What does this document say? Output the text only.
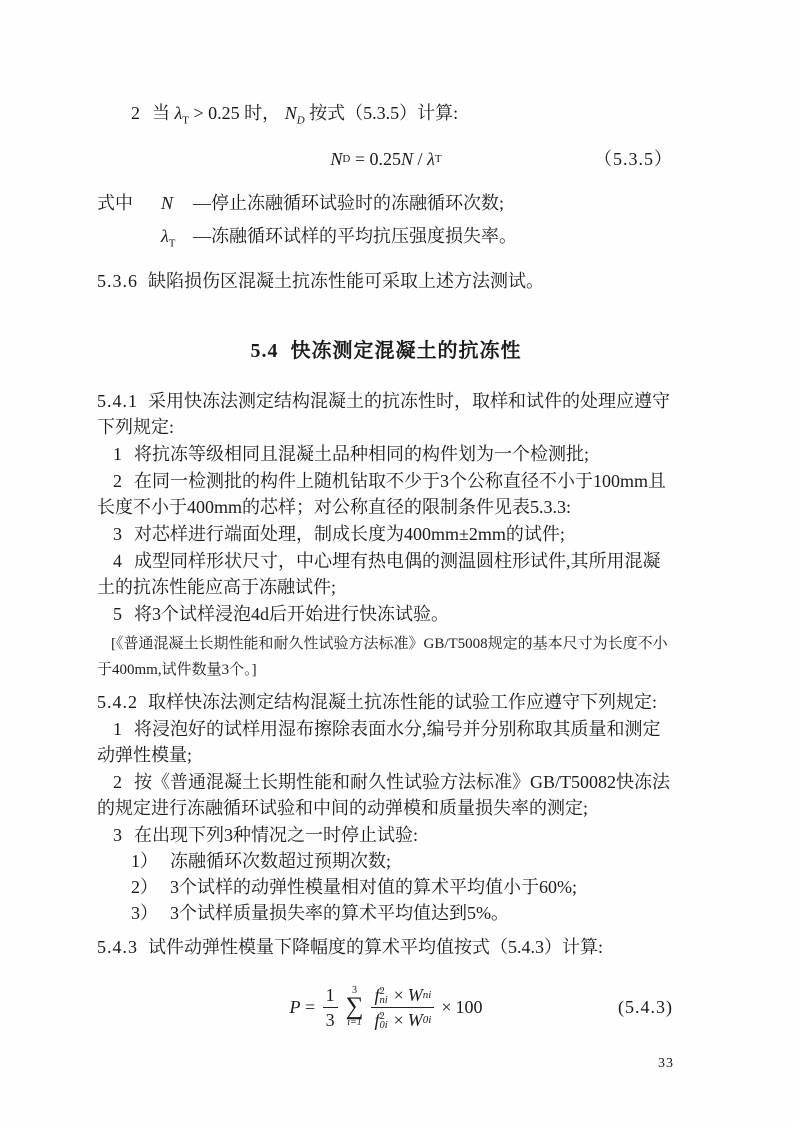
2 当 $\lambda_T > 0.25$ 时， $N_D$ 按式（5.3.5）计算:

N D = 0.25 N / λ T	（5.3.5）

式中 N —停止冻融循环试验时的冻融循环次数;

$\lambda_T$ —冻融循环试样的平均抗压强度损失率。

5.3.6 缺陷损伤区混凝土抗冻性能可采取上述方法测试。

5.4 快冻测定混凝土的抗冻性

5.4.1 采用快冻法测定结构混凝土的抗冻性时，取样和试件的处理应遵守下列规定:

1 将抗冻等级相同且混凝土品种相同的构件划为一个检测批;

2 在同一检测批的构件上随机钻取不少于3个公称直径不小于100mm且长度不小于400mm的芯样；对公称直径的限制条件见表5.3.3:

3 对芯样进行端面处理，制成长度为400mm±2mm的试件;

4 成型同样形状尺寸，中心埋有热电偶的测温圆柱形试件,其所用混凝土的抗冻性能应高于冻融试件;

5 将3个试样浸泡4d后开始进行快冻试验。

[《普通混凝土长期性能和耐久性试验方法标准》GB/T5008规定的基本尺寸为长度不小于400mm,试件数量3个。]

5.4.2 取样快冻法测定结构混凝土抗冻性能的试验工作应遵守下列规定:

1 将浸泡好的试样用湿布擦除表面水分,编号并分别称取其质量和测定动弹性模量;

2 按《普通混凝土长期性能和耐久性试验方法标准》GB/T50082快冻法的规定进行冻融循环试验和中间的动弹模和质量损失率的测定;

3 在出现下列3种情况之一时停止试验:

1） 冻融循环次数超过预期次数;

2） 3个试样的动弹性模量相对值的算术平均值小于60%;

3） 3个试样质量损失率的算术平均值达到5%。

5.4.3 试件动弹性模量下降幅度的算术平均值按式（5.4.3）计算:

$P = \frac{1}{3} 3$
∑
i=1 f 2
ni × W ni
f 2
0i × W 0i × 100	(5.4.3)
33
